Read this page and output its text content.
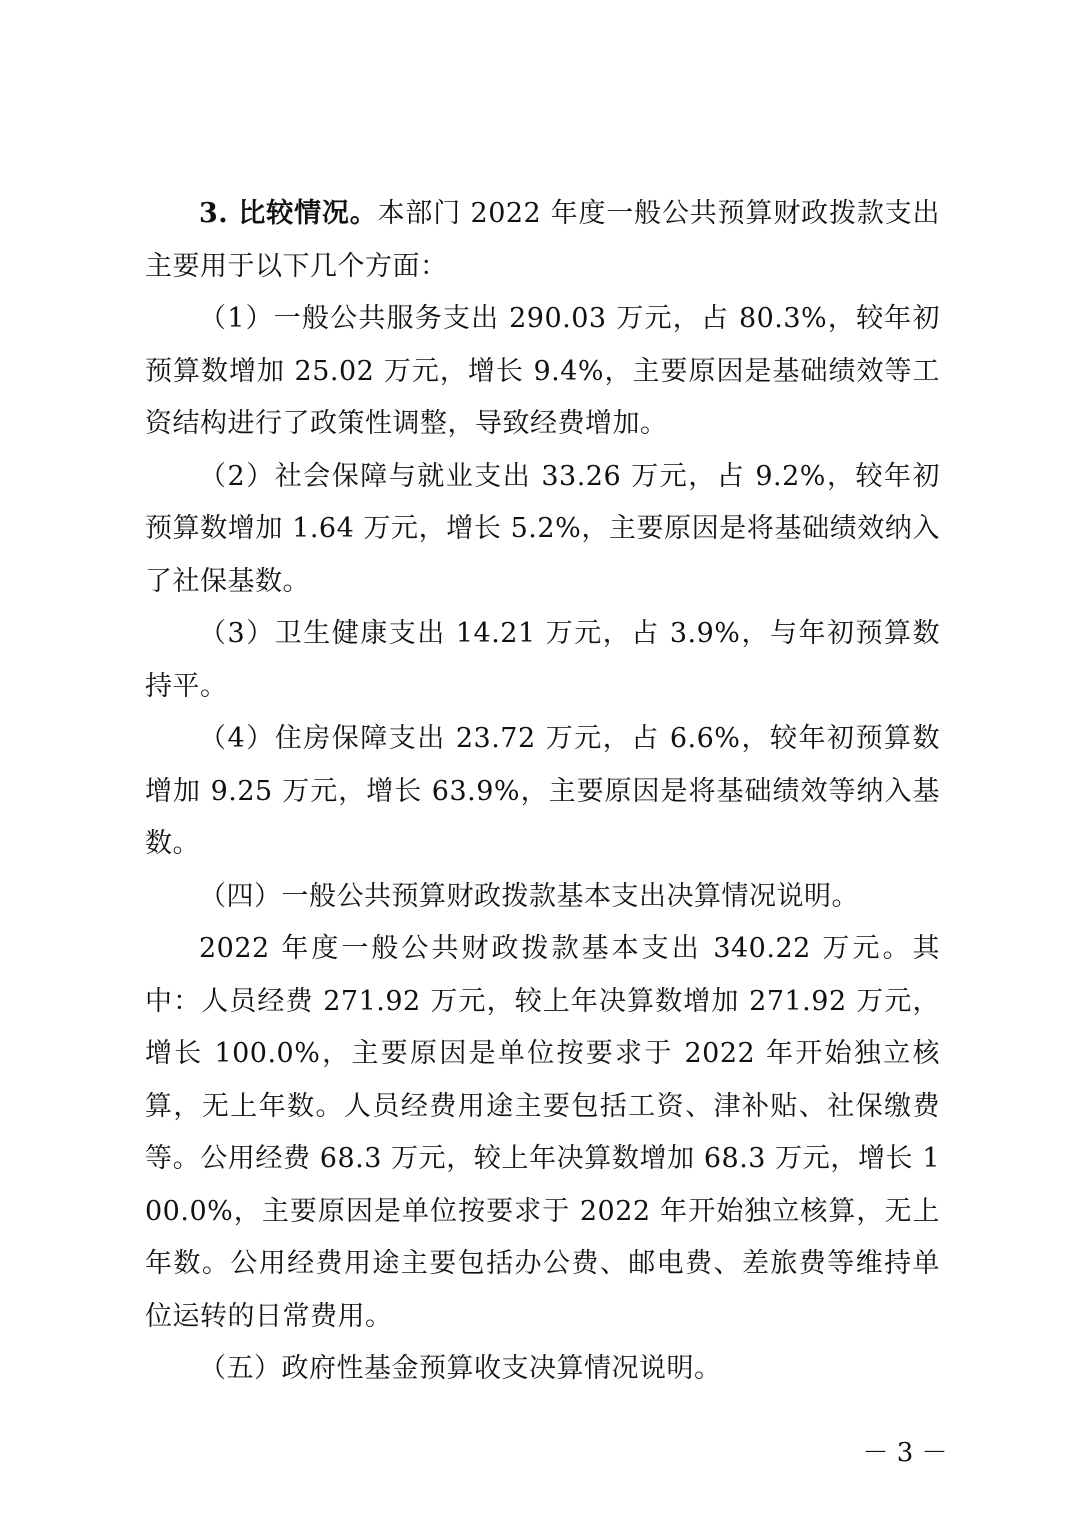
3. 比较情况。本部门 2022 年度一般公共预算财政拨款支出主要用于以下几个方面：

（1）一般公共服务支出 290.03 万元，占 80.3%，较年初预算数增加 25.02 万元，增长 9.4%，主要原因是基础绩效等工资结构进行了政策性调整，导致经费增加。

（2）社会保障与就业支出 33.26 万元，占 9.2%，较年初预算数增加 1.64 万元，增长 5.2%，主要原因是将基础绩效纳入了社保基数。

（3）卫生健康支出 14.21 万元，占 3.9%，与年初预算数持平。

（4）住房保障支出 23.72 万元，占 6.6%，较年初预算数增加 9.25 万元，增长 63.9%，主要原因是将基础绩效等纳入基数。

（四）一般公共预算财政拨款基本支出决算情况说明。

2022 年度一般公共财政拨款基本支出 340.22 万元。其中：人员经费 271.92 万元，较上年决算数增加 271.92 万元，增长 100.0%，主要原因是单位按要求于 2022 年开始独立核算，无上年数。人员经费用途主要包括工资、津补贴、社保缴费等。公用经费 68.3 万元，较上年决算数增加 68.3 万元，增长 100.0%，主要原因是单位按要求于 2022 年开始独立核算，无上年数。公用经费用途主要包括办公费、邮电费、差旅费等维持单位运转的日常费用。

（五）政府性基金预算收支决算情况说明。

－ 3 －
